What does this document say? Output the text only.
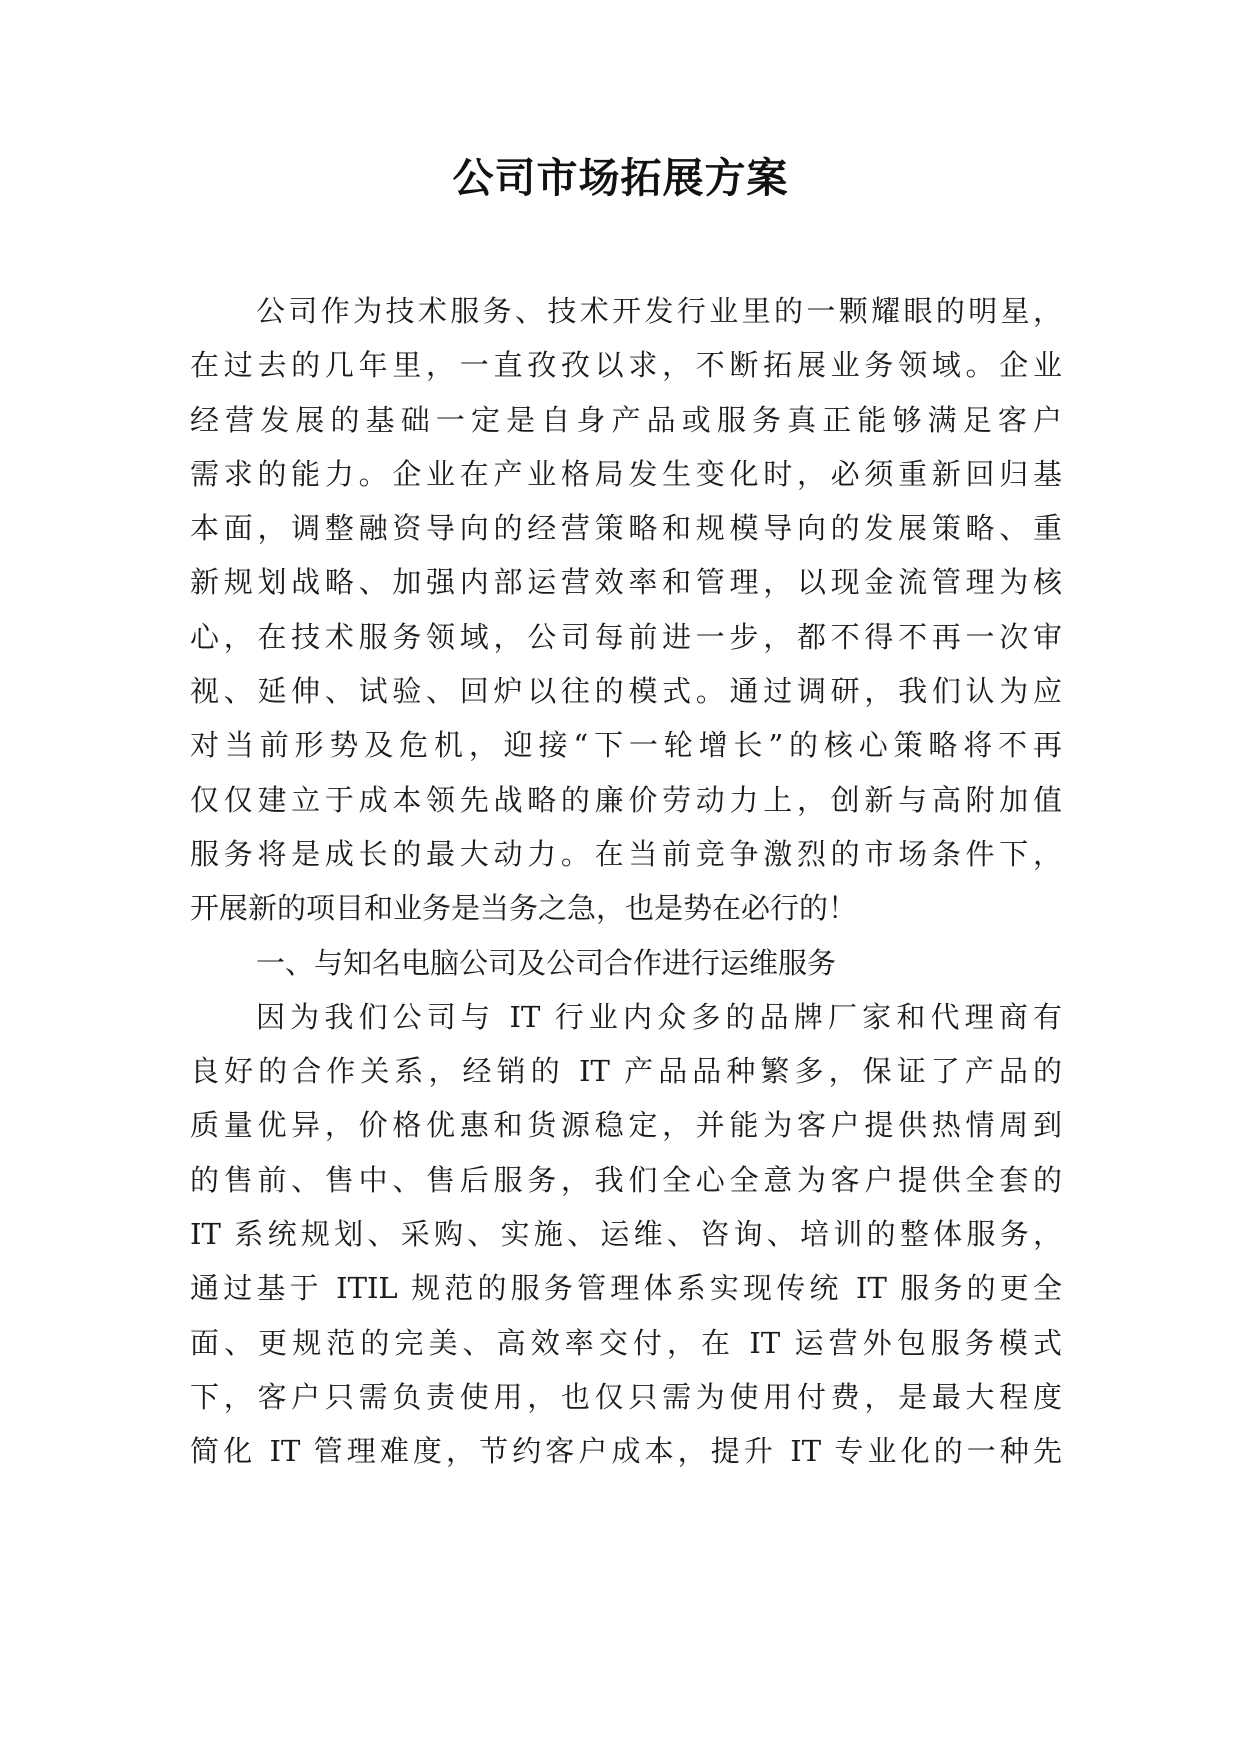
公司市场拓展方案
公司作为技术服务、技术开发行业里的一颗耀眼的明星，
在过去的几年里，一直孜孜以求，不断拓展业务领域。企业
经营发展的基础一定是自身产品或服务真正能够满足客户
需求的能力。企业在产业格局发生变化时，必须重新回归基
本面，调整融资导向的经营策略和规模导向的发展策略、重
新规划战略、加强内部运营效率和管理，以现金流管理为核
心，在技术服务领域，公司每前进一步，都不得不再一次审
视、延伸、试验、回炉以往的模式。通过调研，我们认为应
对当前形势及危机，迎接“下一轮增长”的核心策略将不再
仅仅建立于成本领先战略的廉价劳动力上，创新与高附加值
服务将是成长的最大动力。在当前竞争激烈的市场条件下，
开展新的项目和业务是当务之急，也是势在必行的！
一、与知名电脑公司及公司合作进行运维服务
因为我们公司与 IT 行业内众多的品牌厂家和代理商有
良好的合作关系，经销的 IT 产品品种繁多，保证了产品的
质量优异，价格优惠和货源稳定，并能为客户提供热情周到
的售前、售中、售后服务，我们全心全意为客户提供全套的
IT 系统规划、采购、实施、运维、咨询、培训的整体服务，
通过基于 ITIL 规范的服务管理体系实现传统 IT 服务的更全
面、更规范的完美、高效率交付，在 IT 运营外包服务模式
下，客户只需负责使用，也仅只需为使用付费，是最大程度
简化 IT 管理难度，节约客户成本，提升 IT 专业化的一种先
